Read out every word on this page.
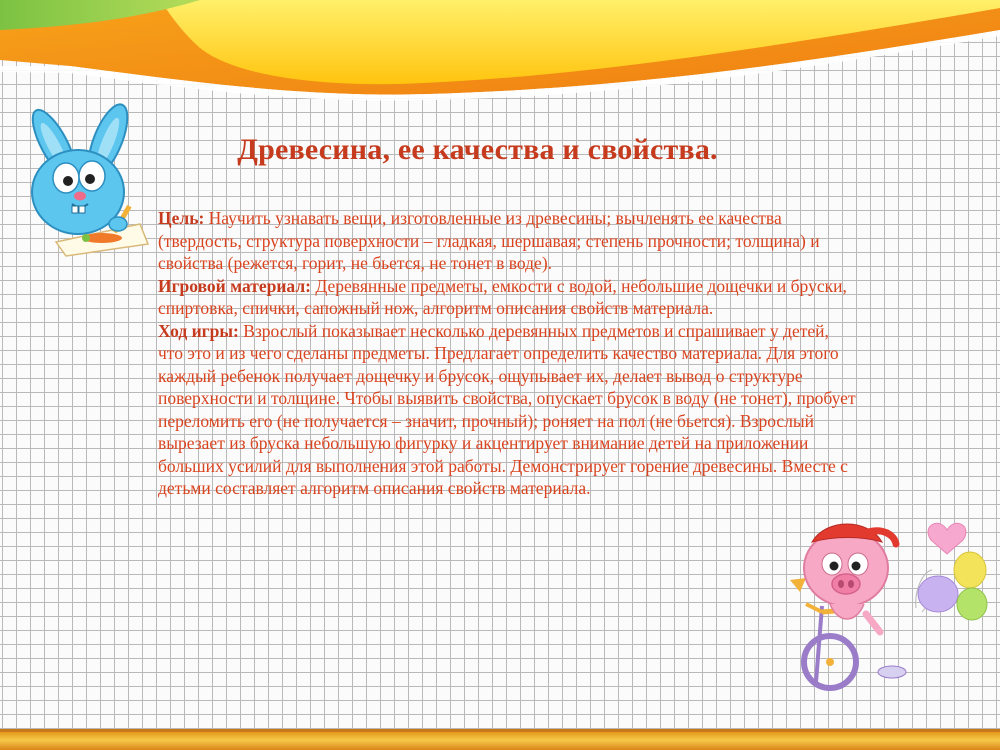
Древесина, ее качества и свойства.

Цель: Научить узнавать вещи, изготовленные из древесины; вычленять ее качества (твердость, структура поверхности – гладкая, шершавая; степень прочности; толщина) и свойства (режется, горит, не бьется, не тонет в воде).

Игровой материал: Деревянные предметы, емкости с водой, небольшие дощечки и бруски, спиртовка, спички, сапожный нож, алгоритм описания свойств материала.

Ход игры: Взрослый показывает несколько деревянных предметов и спрашивает у детей, что это и из чего сделаны предметы. Предлагает определить качество материала. Для этого каждый ребенок получает дощечку и брусок, ощупывает их, делает вывод о структуре поверхности и толщине. Чтобы выявить свойства, опускает брусок в воду (не тонет), пробует переломить его (не получается – значит, прочный); роняет на пол (не бьется). Взрослый вырезает из бруска небольшую фигурку и акцентирует внимание детей на приложении больших усилий для выполнения этой работы. Демонстрирует горение древесины. Вместе с детьми составляет алгоритм описания свойств материала.
